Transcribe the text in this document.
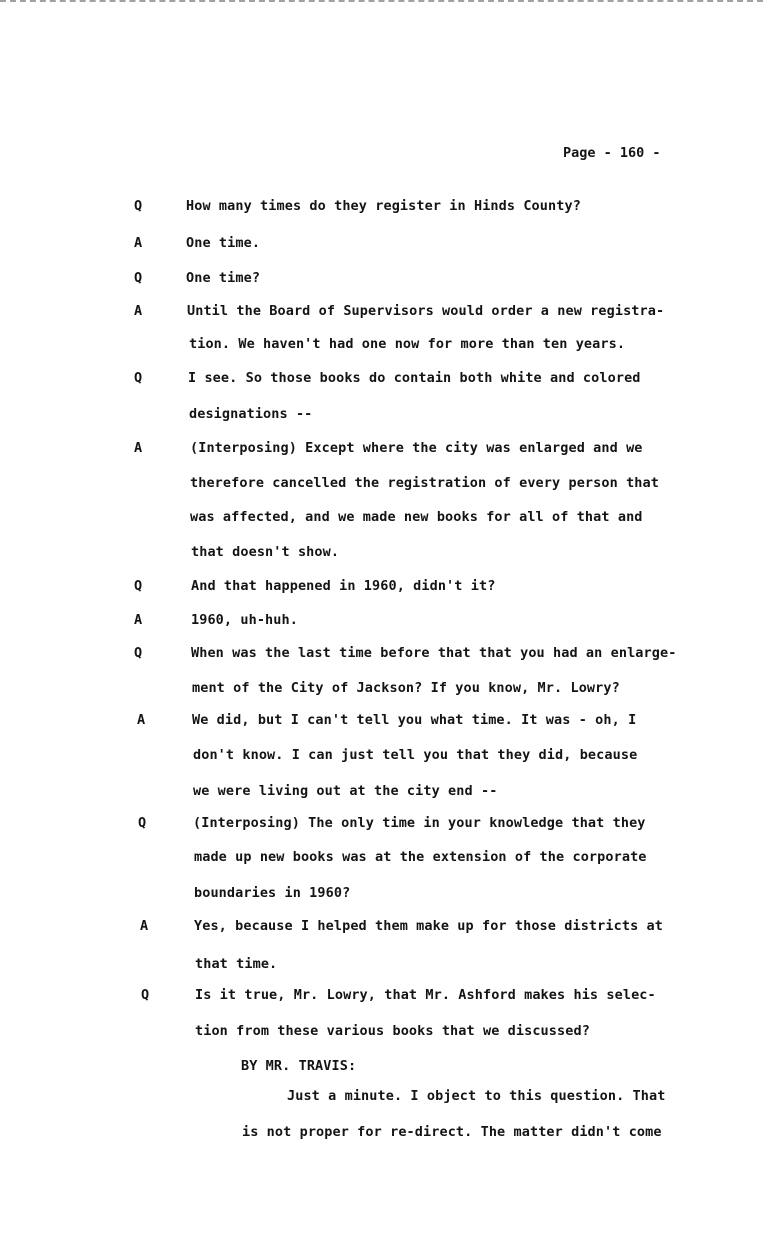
Page - 160 -
Q	How many times do they register in Hinds County?
A	One time.
Q	One time?
A	Until the Board of Supervisors would order a new registra-
tion. We haven't had one now for more than ten years.
Q	I see. So those books do contain both white and colored
designations --
A	(Interposing) Except where the city was enlarged and we
therefore cancelled the registration of every person that
was affected, and we made new books for all of that and
that doesn't show.
Q	And that happened in 1960, didn't it?
A	1960, uh-huh.
Q	When was the last time before that that you had an enlarge-
ment of the City of Jackson? If you know, Mr. Lowry?
A	We did, but I can't tell you what time. It was - oh, I
don't know. I can just tell you that they did, because
we were living out at the city end --
Q	(Interposing) The only time in your knowledge that they
made up new books was at the extension of the corporate
boundaries in 1960?
A	Yes, because I helped them make up for those districts at
that time.
Q	Is it true, Mr. Lowry, that Mr. Ashford makes his selec-
tion from these various books that we discussed?
BY MR. TRAVIS:
Just a minute. I object to this question. That
is not proper for re-direct. The matter didn't come
